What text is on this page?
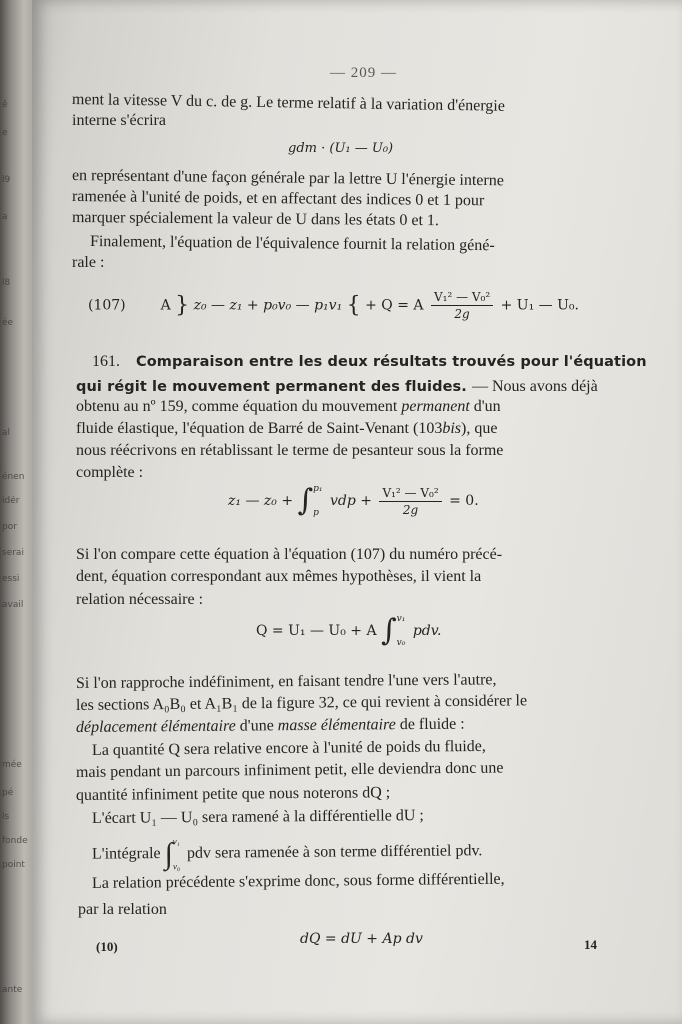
ê
e
l9
a
l8
ée
al
énen
idér
por
serai
essi
avail
mée
pé
ls
fonde
point
ante
— 209 —
ment la vitesse V du c. de g. Le terme relatif à la variation d'énergie
interne s'écrira
gdm · (U₁ — U₀)
en représentant d'une façon générale par la lettre U l'énergie interne
ramenée à l'unité de poids, et en affectant des indices 0 et 1 pour
marquer spécialement la valeur de U dans les états 0 et 1.
Finalement, l'équation de l'équivalence fournit la relation géné-
rale :
(107) A } z₀ — z₁ + p₀v₀ — p₁v₁ { + Q = A $\frac{\text{V₁² — V₀²}}{2g} + U_1$ — U₀.
161. Comparaison entre les deux résultats trouvés pour l'équation
qui régit le mouvement permanent des fluides. — Nous avons déjà
obtenu au nº 159, comme équation du mouvement permanent d'un
fluide élastique, l'équation de Barré de Saint-Venant (103bis), que
nous réécrivons en rétablissant le terme de pesanteur sous la forme
complète :
z₁ — z₀ + ∫ p₁
p
vdp + $\frac{\text{V₁² — V₀²}}{2g} = 0$.
Si l'on compare cette équation à l'équation (107) du numéro précé-
dent, équation correspondant aux mêmes hypothèses, il vient la
relation nécessaire :
Q = U₁ — U₀ + A ∫ v₁
v₀
pdv.
Si l'on rapproche indéfiniment, en faisant tendre l'une vers l'autre,
les sections A₀B₀ et A₁B₁ de la figure 32, ce qui revient à considérer le
déplacement élémentaire d'une masse élémentaire de fluide :
La quantité Q sera relative encore à l'unité de poids du fluide,
mais pendant un parcours infiniment petit, elle deviendra donc une
quantité infiniment petite que nous noterons dQ ;
L'écart U₁ — U₀ sera ramené à la différentielle dU ;
L'intégrale ∫ v₁
v₀
pdv sera ramenée à son terme différentiel pdv.
La relation précédente s'exprime donc, sous forme différentielle,
par la relation
dQ = dU + Ap dv
(10)	14
